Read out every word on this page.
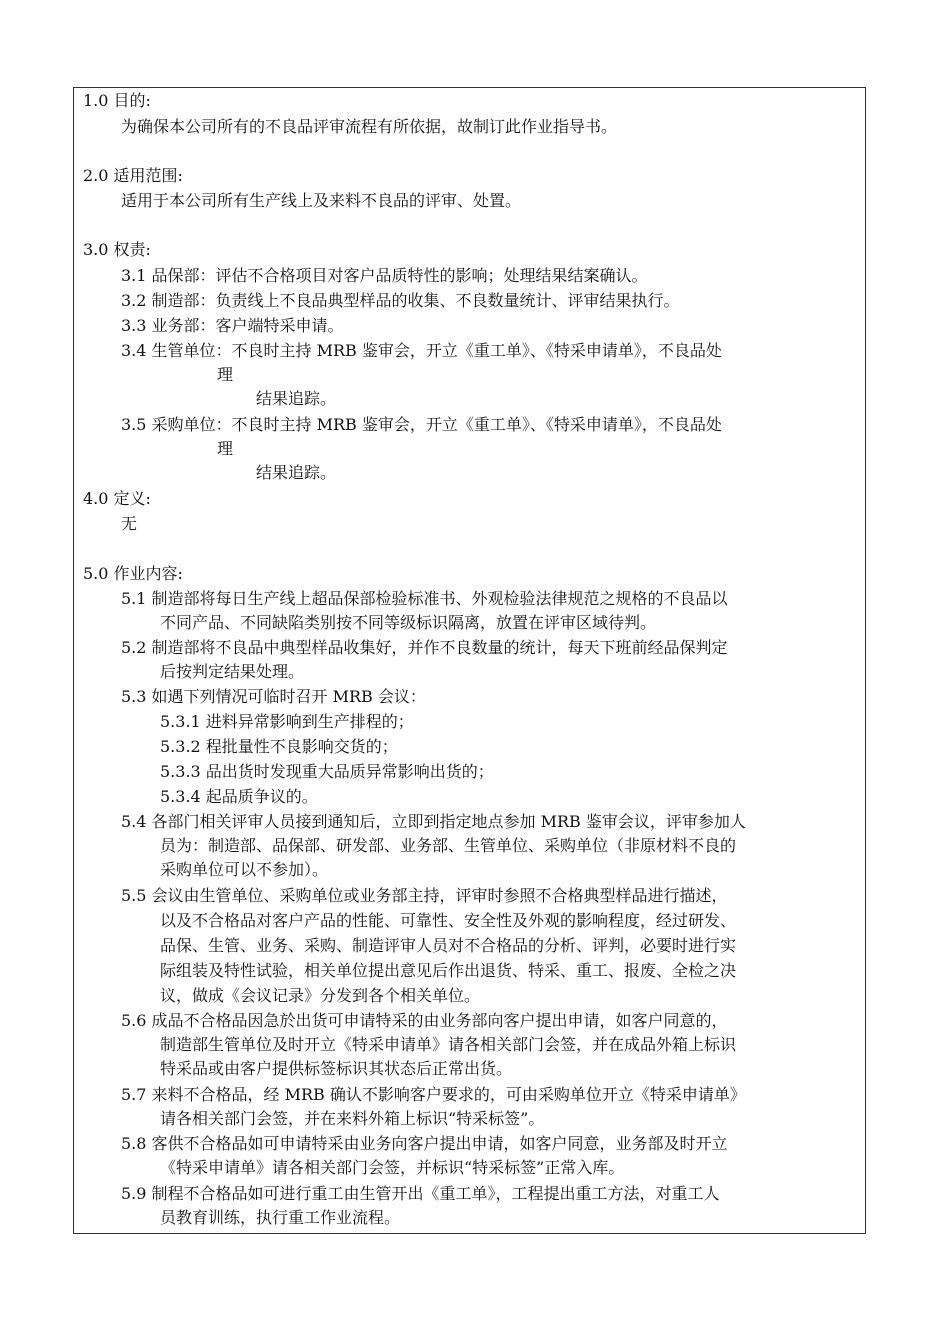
1.0 目的:
为确保本公司所有的不良品评审流程有所依据，故制订此作业指导书。
2.0 适用范围:
适用于本公司所有生产线上及来料不良品的评审、处置。
3.0 权责:
3.1 品保部：评估不合格项目对客户品质特性的影响；处理结果结案确认。
3.2 制造部：负责线上不良品典型样品的收集、不良数量统计、评审结果执行。
3.3 业务部：客户端特采申请。
3.4 生管单位：不良时主持 MRB 鉴审会，开立《重工单》、《特采申请单》，不良品处
理
结果追踪。
3.5 采购单位：不良时主持 MRB 鉴审会，开立《重工单》、《特采申请单》，不良品处
理
结果追踪。
4.0 定义:
无
5.0 作业内容:
5.1 制造部将每日生产线上超品保部检验标准书、外观检验法律规范之规格的不良品以
不同产品、不同缺陷类别按不同等级标识隔离，放置在评审区域待判。
5.2 制造部将不良品中典型样品收集好，并作不良数量的统计，每天下班前经品保判定
后按判定结果处理。
5.3 如遇下列情况可临时召开 MRB 会议：
5.3.1 进料异常影响到生产排程的；
5.3.2 程批量性不良影响交货的；
5.3.3 品出货时发现重大品质异常影响出货的；
5.3.4 起品质争议的。
5.4 各部门相关评审人员接到通知后，立即到指定地点参加 MRB 鉴审会议，评审参加人
员为：制造部、品保部、研发部、业务部、生管单位、采购单位（非原材料不良的
采购单位可以不参加）。
5.5 会议由生管单位、采购单位或业务部主持，评审时参照不合格典型样品进行描述，
以及不合格品对客户产品的性能、可靠性、安全性及外观的影响程度，经过研发、
品保、生管、业务、采购、制造评审人员对不合格品的分析、评判，必要时进行实
际组装及特性试验，相关单位提出意见后作出退货、特采、重工、报废、全检之决
议，做成《会议记录》分发到各个相关单位。
5.6 成品不合格品因急於出货可申请特采的由业务部向客户提出申请，如客户同意的，
制造部生管单位及时开立《特采申请单》请各相关部门会签，并在成品外箱上标识
特采品或由客户提供标签标识其状态后正常出货。
5.7 来料不合格品，经 MRB 确认不影响客户要求的，可由采购单位开立《特采申请单》
请各相关部门会签，并在来料外箱上标识“特采标签”。
5.8 客供不合格品如可申请特采由业务向客户提出申请，如客户同意，业务部及时开立
《特采申请单》请各相关部门会签，并标识“特采标签”正常入库。
5.9 制程不合格品如可进行重工由生管开出《重工单》，工程提出重工方法，对重工人
员教育训练，执行重工作业流程。
